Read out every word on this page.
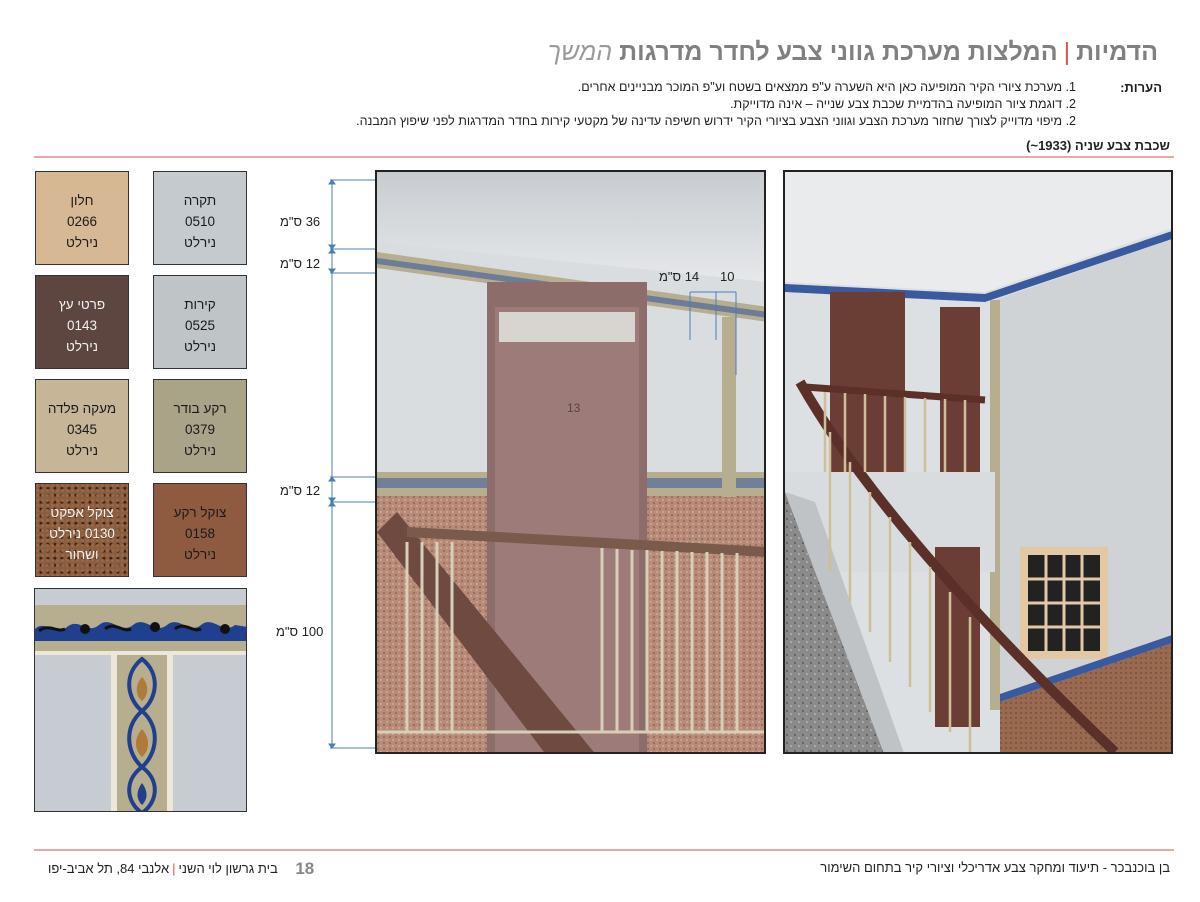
הדמיות|המלצות מערכת גווני צבע לחדר מדרגות המשך
הערות:
1. מערכת ציורי הקיר המופיעה כאן היא השערה ע"פ ממצאים בשטח וע"פ המוכר מבניינים אחרים.
2. דוגמת ציור המופיעה בהדמיית שכבת צבע שנייה – אינה מדוייקת.
2. מיפוי מדוייק לצורך שחזור מערכת הצבע וגווני הצבע בציורי הקיר ידרוש חשיפה עדינה של מקטעי קירות בחדר המדרגות לפני שיפוץ המבנה.
שכבת צבע שניה (1933~)
תקרה
0510
נירלט
חלון
0266
נירלט
קירות
0525
נירלט
פרטי עץ
0143
נירלט
רקע בודר
0379
נירלט
מעקה פלדה
0345
נירלט
צוקל רקע
0158
נירלט
צוקל אפקט
0130 נירלט
ושחור
36 ס"מ
12 ס"מ
12 ס"מ
100 ס"מ
13
14 ס"מ 10
18 בית גרשון לוי השני|אלנבי 84, תל אביב-יפו	בן בוכנבכר - תיעוד ומחקר צבע אדריכלי וציורי קיר בתחום השימור
